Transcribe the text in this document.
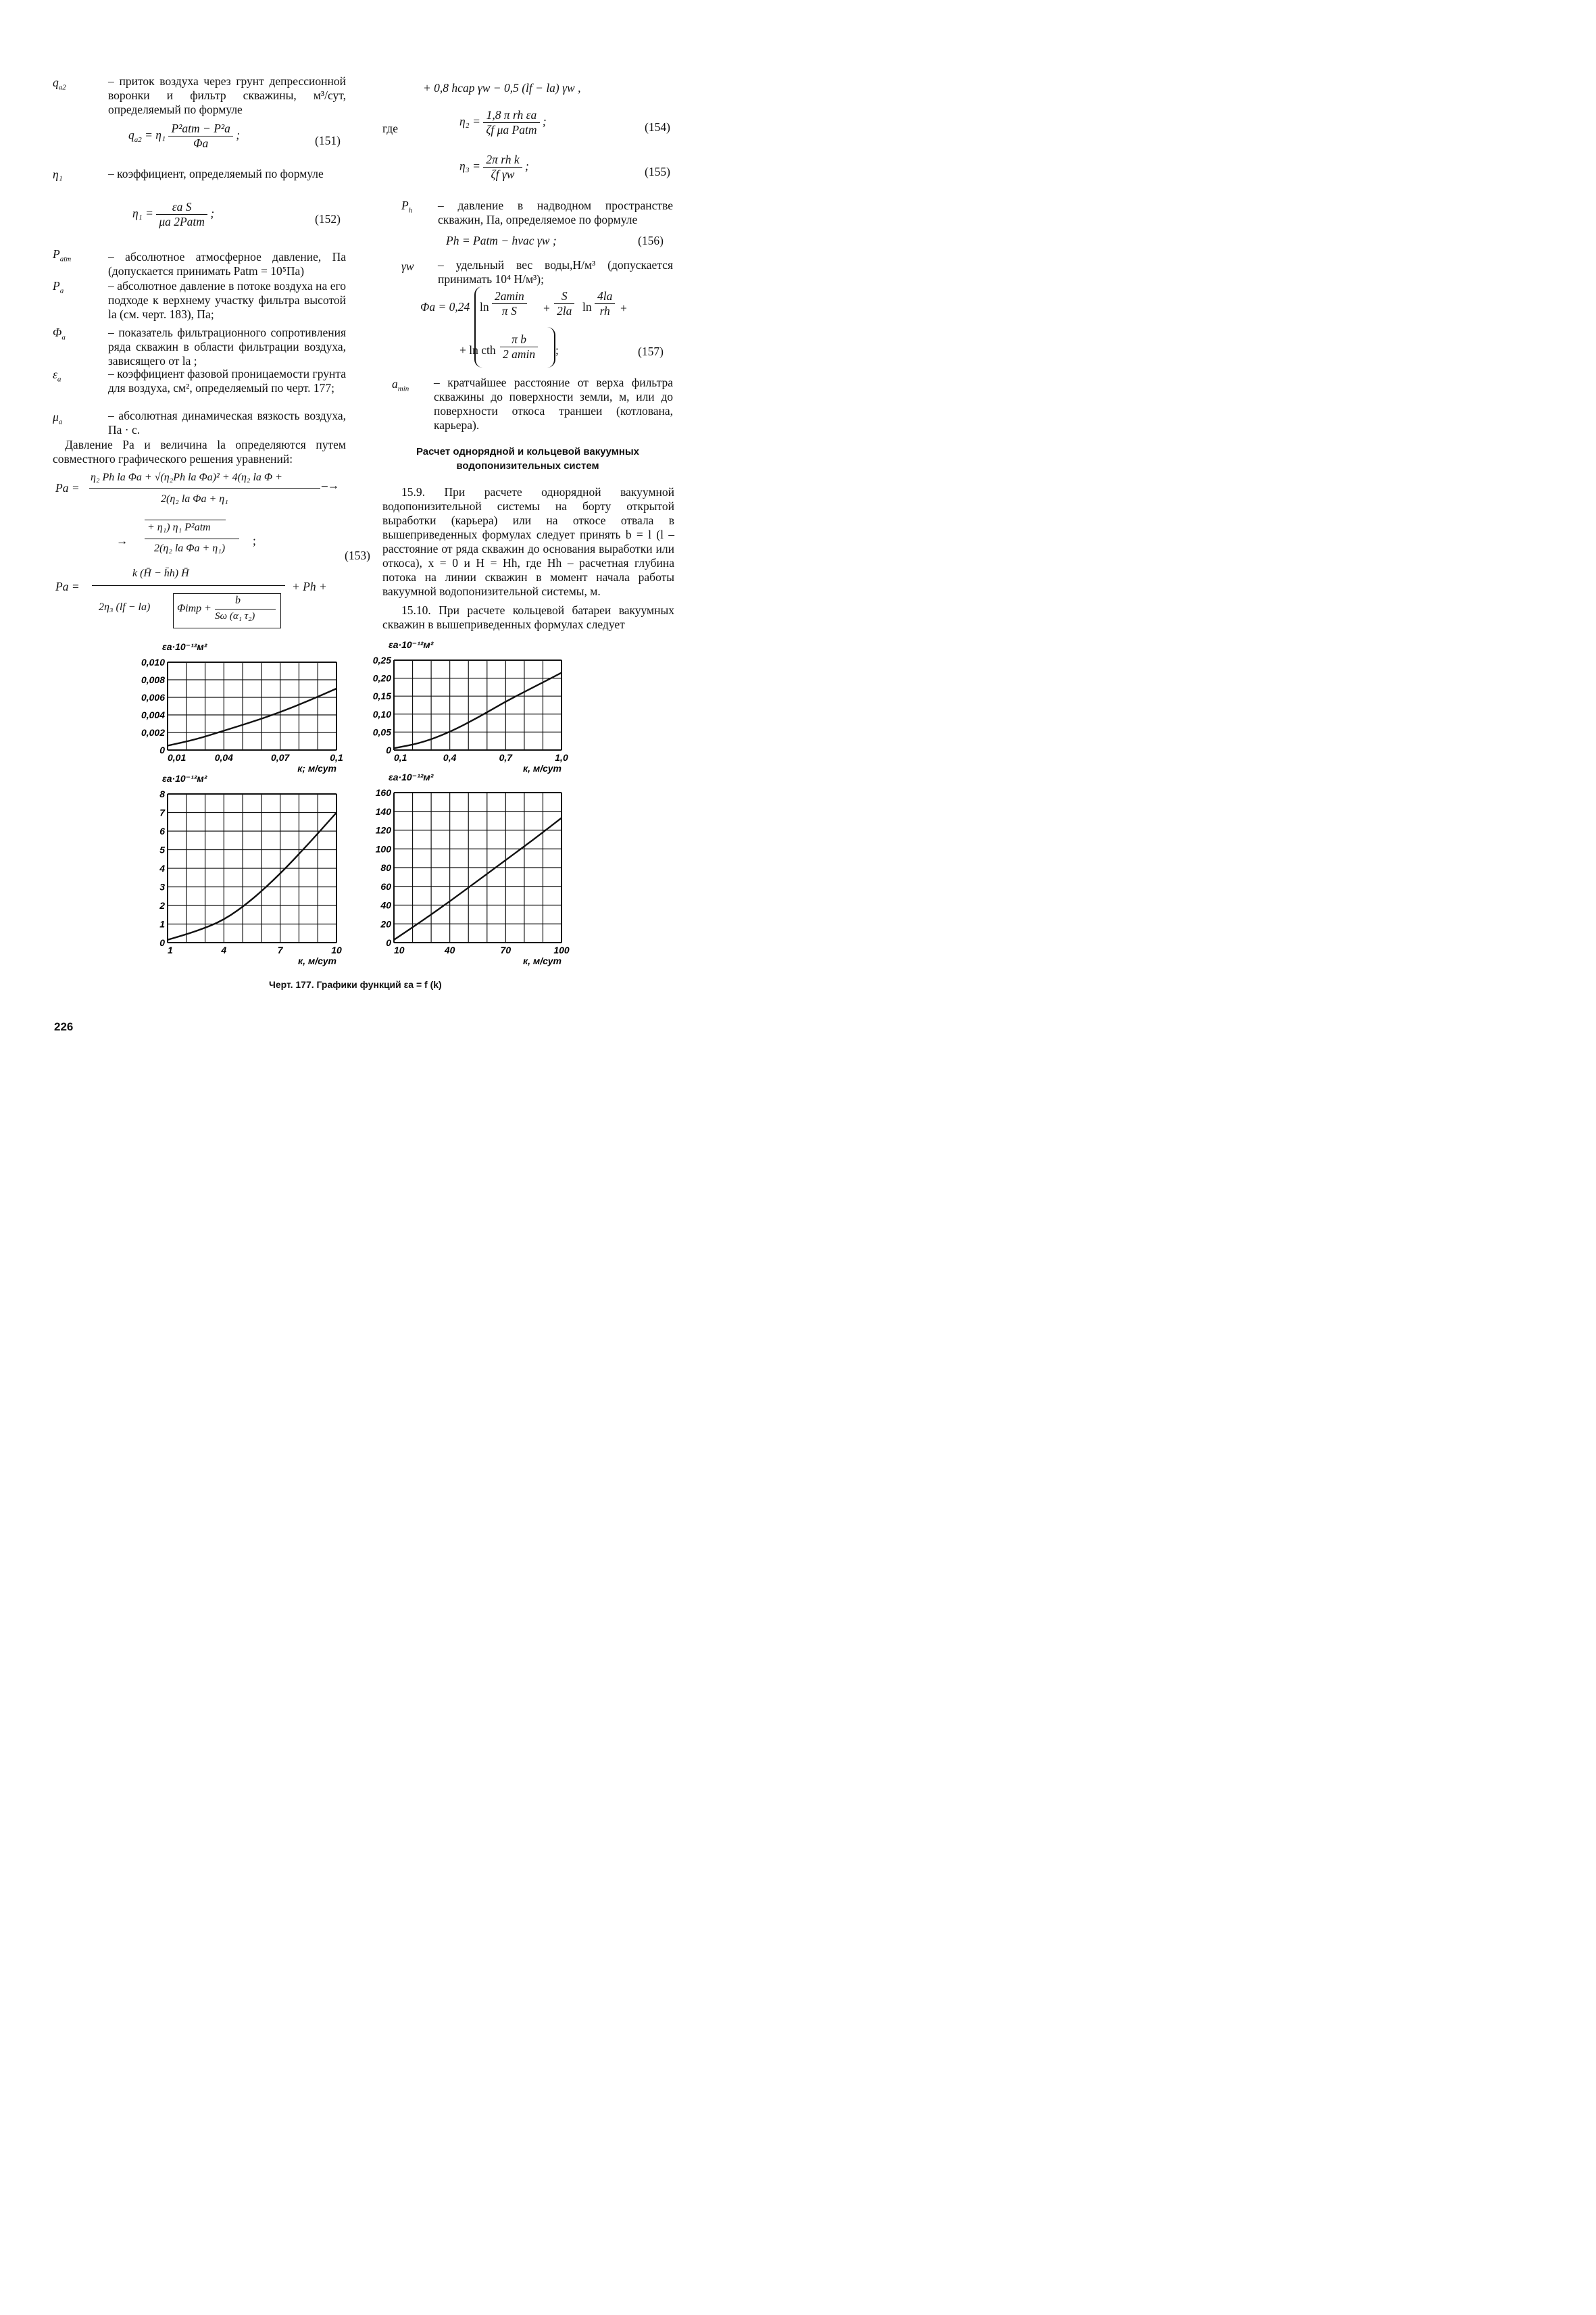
$q_{a2}$	– приток воздуха через грунт депрессионной воронки и фильтр скважины, м³/сут, определяемый по формуле
$q_{a2} = \eta_1 \frac{\text{P²atm − P²a}}{\Phi a}$ ;	(151)
η₁	– коэффициент, определяемый по формуле
$\eta_1 = \frac{\text{εa S}}{\text{μa 2Patm}}$ ;	(152)
$P_{atm}$	– абсолютное атмосферное давление, Па (допускается принимать Patm = 10⁵Па)
$P_a$	– абсолютное давление в потоке воздуха на его подходе к верхнему участку фильтра высотой la (см. черт. 183), Па;
$\Phi_a$	– показатель фильтрационного сопротивления ряда скважин в области фильтрации воздуха, зависящего от la ;
$\varepsilon_a$	– коэффициент фазовой проницаемости грунта для воздуха, см², определяемый по черт. 177;
$\mu_a$	– абсолютная динамическая вязкость воздуха, Па · с.
Давление Pa и величина la определяются путем совместного графического решения уравнений:
Pa =
η₂ Ph la Φa + √(η₂Ph la Φa)² + 4(η₂ la Φ +
2(η₂ la Φa + η₁
–→
→
+ η₁) η₁ P²atm
2(η₂ la Φa + η₁)
;
Pa =
k (H̄ − h̄h) H̄
2η₃ (lf − la) Φimp +
b
Sω (α₁ τ₂)
+ Ph +
(153)
+ 0,8 hcap γw − 0,5 (lf − la) γw ,
где
$\eta_2 = \frac{\text{1,8 π rh εa}}{\text{ζf μa Patm}}$ ;	(154)
$\eta_3 = \frac{\text{2π rh k}}{\text{ζf γw}}$ ;	(155)
$P_h$ – давление в надводном пространстве скважин, Па, определяемое по формуле
Ph = Patm − hvac γw ;	(156)
γw – удельный вес воды,Н/м³ (допускается принимать 10⁴ Н/м³);
Φa = 0,24 $\ln \frac{2amin}{\text{π S}} + \frac{S}{2la}$ $\ln \frac{4la}{rh}$ +
+ ln cth $\frac{\text{π b}}{2 amin}$ ;	(157)
$a_{min}$ – кратчайшее расстояние от верха фильтра скважины до поверхности земли, м, или до поверхности откоса траншеи (котлована, карьера).
Расчет однорядной и кольцевой вакуумных
водопонизительных систем
15.9. При расчете однорядной вакуумной водопонизительной системы на борту открытой выработки (карьера) или на откосе отвала в вышеприведенных формулах следует принять b = l (l – расстояние от ряда скважин до основания выработки или откоса), x = 0 и H = Hh, где Hh – расчетная глубина потока на линии скважин в момент начала работы вакуумной водопонизительной системы, м.
15.10. При расчете кольцевой батареи вакуумных скважин в вышеприведенных формулах следует
0
0,002
0,004
0,006
0,008
0,010
0,01	0,04	0,07	0,1
εa·10⁻¹²м²
к; м/сут
0
0,05
0,10
0,15
0,20
0,25
0,1	0,4	0,7	1,0
εa·10⁻¹²м²
к, м/сут
0
1
2
3
4
5
6
7
8
1	4	7	10
εa·10⁻¹²м²
к, м/сут
0
20
40
60
80
100
120
140
160
10	40	70	100
εa·10⁻¹²м²
к, м/сут
Черт. 177. Графики функций εa = f (k)
226
